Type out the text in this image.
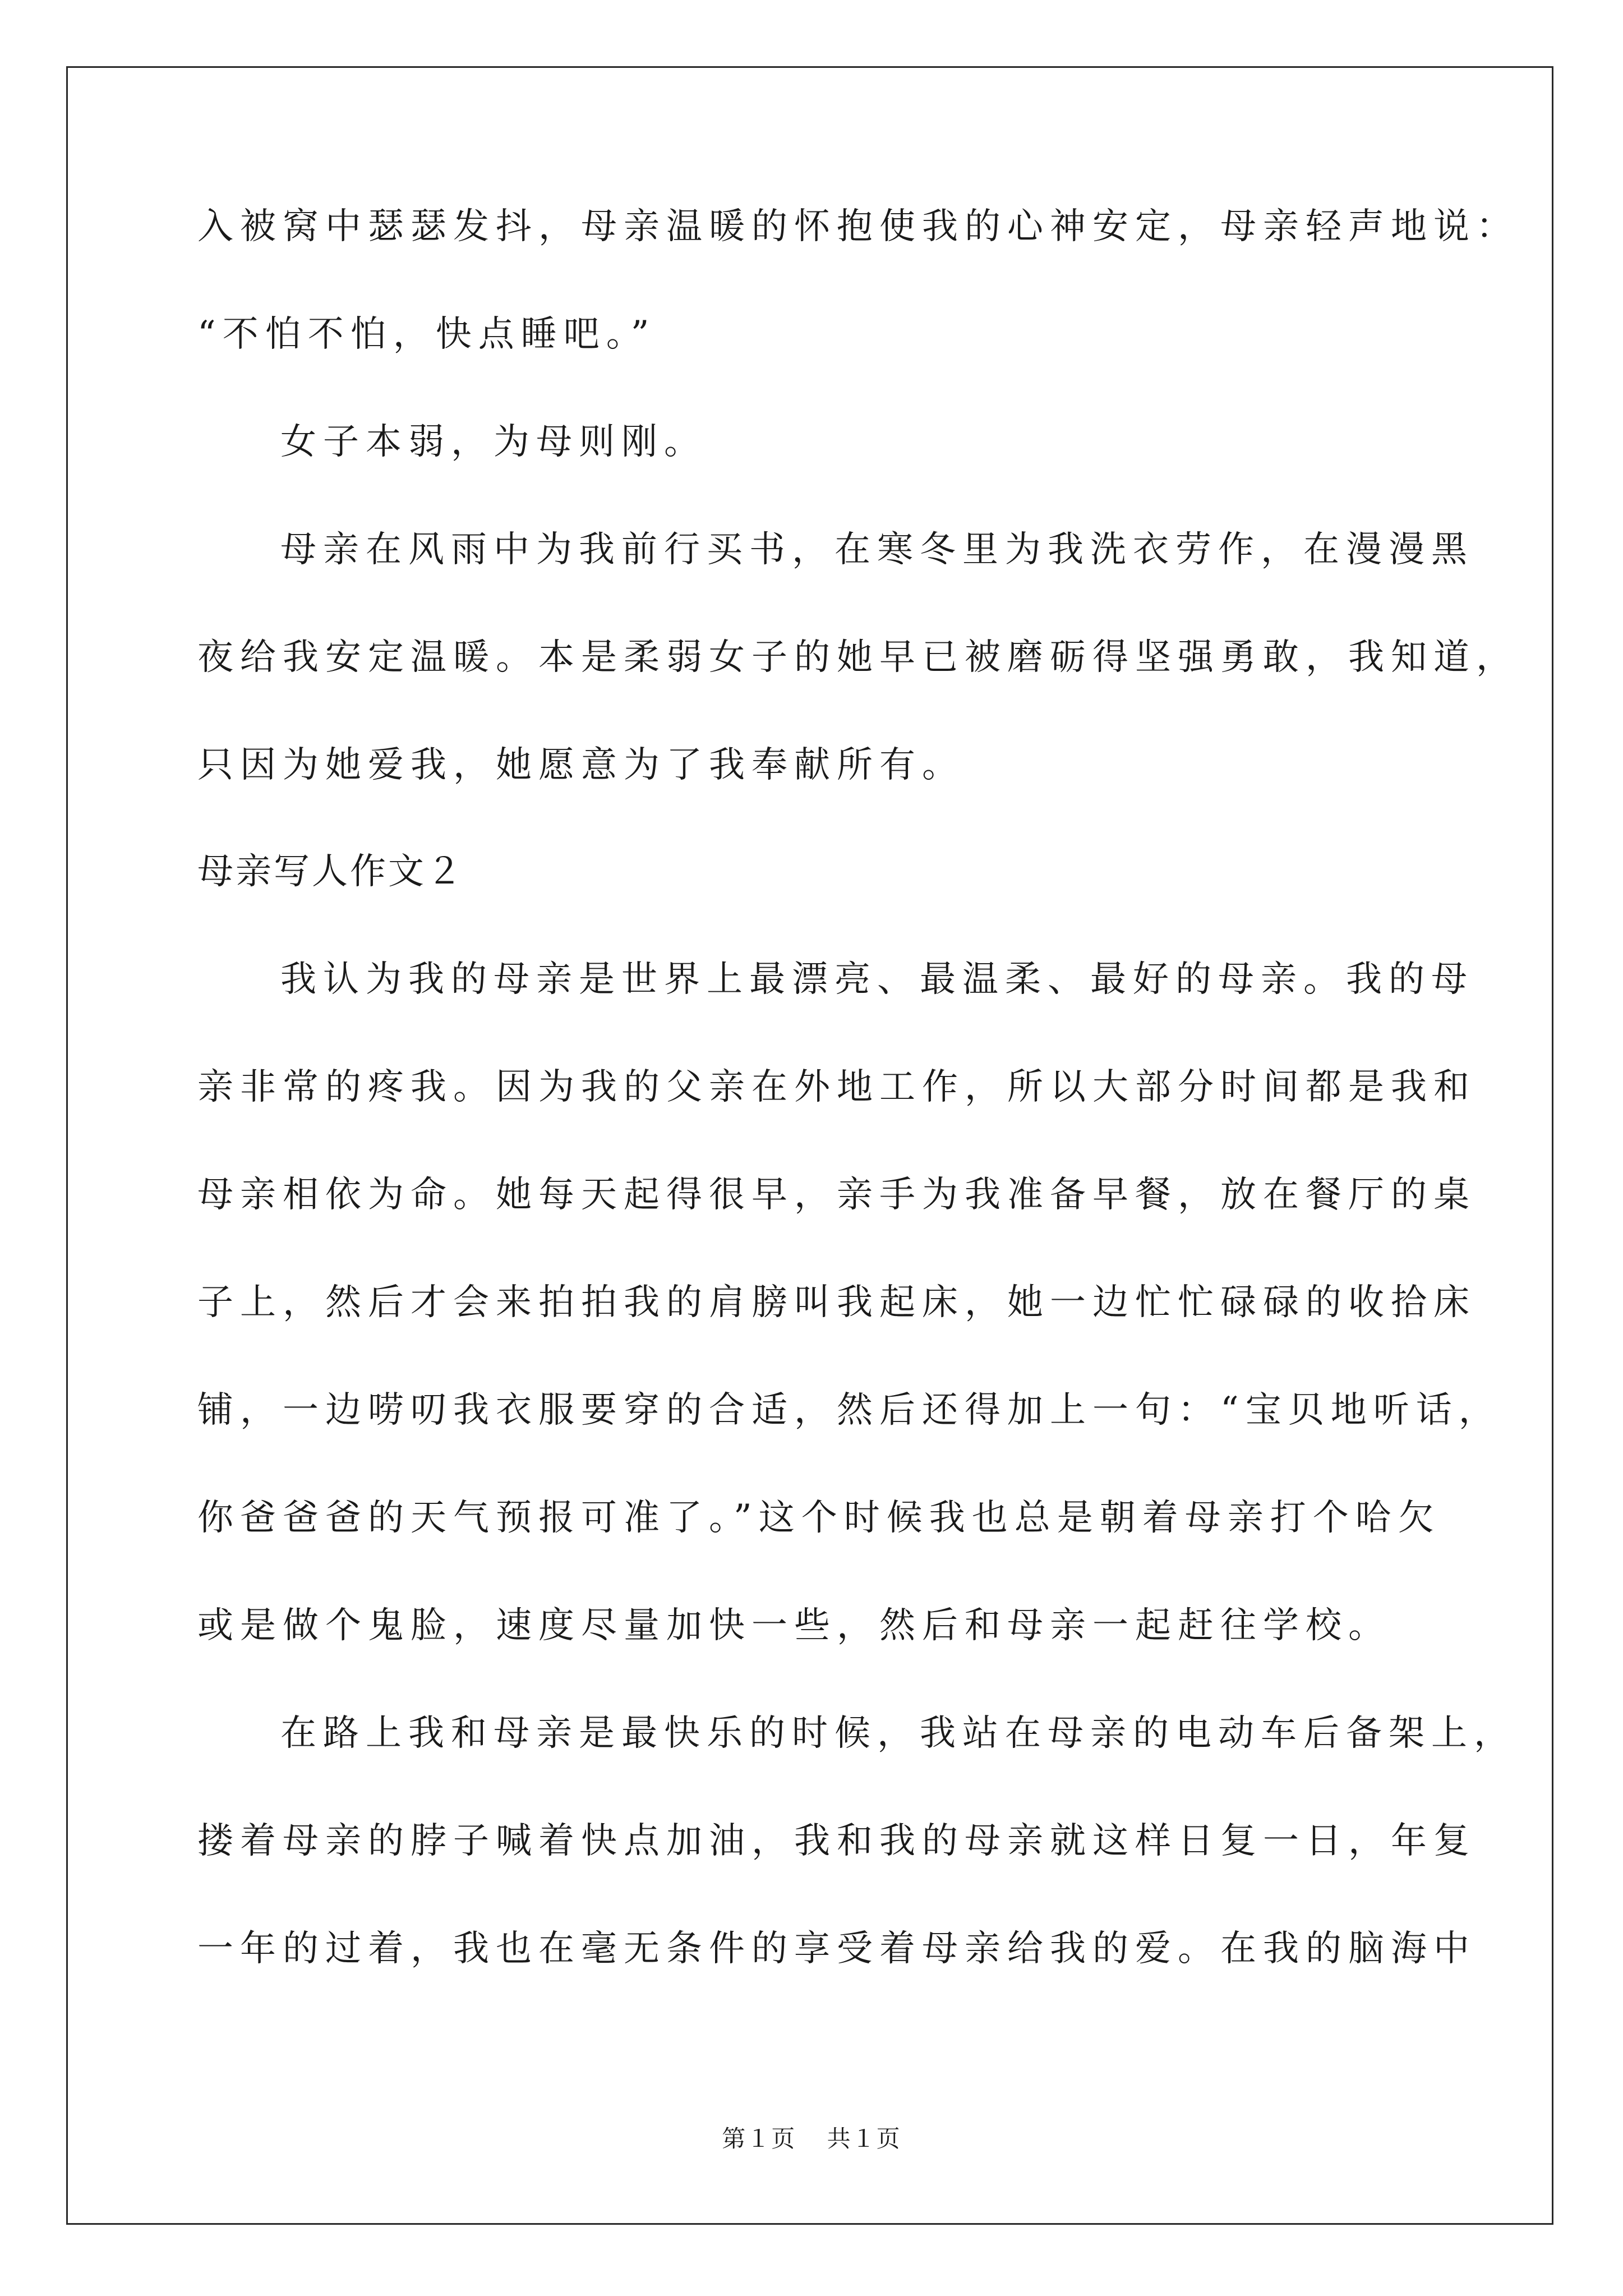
入被窝中瑟瑟发抖，母亲温暖的怀抱使我的心神安定，母亲轻声地说：
“不怕不怕，快点睡吧。”
女子本弱，为母则刚。
母亲在风雨中为我前行买书，在寒冬里为我洗衣劳作，在漫漫黑
夜给我安定温暖。本是柔弱女子的她早已被磨砺得坚强勇敢，我知道，
只因为她爱我，她愿意为了我奉献所有。
母亲写人作文２
我认为我的母亲是世界上最漂亮、最温柔、最好的母亲。我的母
亲非常的疼我。因为我的父亲在外地工作，所以大部分时间都是我和
母亲相依为命。她每天起得很早，亲手为我准备早餐，放在餐厅的桌
子上，然后才会来拍拍我的肩膀叫我起床，她一边忙忙碌碌的收拾床
铺，一边唠叨我衣服要穿的合适，然后还得加上一句：“宝贝地听话，
你爸爸爸的天气预报可准了。”这个时候我也总是朝着母亲打个哈欠
或是做个鬼脸，速度尽量加快一些，然后和母亲一起赶往学校。
在路上我和母亲是最快乐的时候，我站在母亲的电动车后备架上，
搂着母亲的脖子喊着快点加油，我和我的母亲就这样日复一日，年复
一年的过着，我也在毫无条件的享受着母亲给我的爱。在我的脑海中
第１页 共１页
